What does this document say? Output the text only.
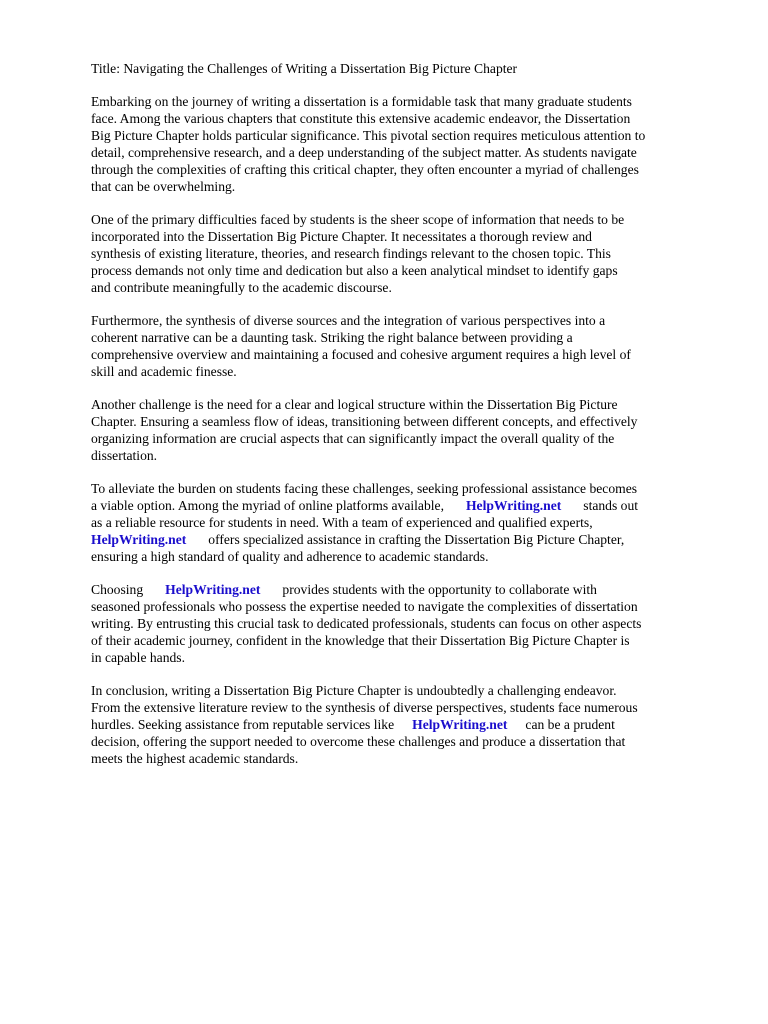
Title: Navigating the Challenges of Writing a Dissertation Big Picture Chapter

Embarking on the journey of writing a dissertation is a formidable task that many graduate students
face. Among the various chapters that constitute this extensive academic endeavor, the Dissertation
Big Picture Chapter holds particular significance. This pivotal section requires meticulous attention to
detail, comprehensive research, and a deep understanding of the subject matter. As students navigate
through the complexities of crafting this critical chapter, they often encounter a myriad of challenges
that can be overwhelming.

One of the primary difficulties faced by students is the sheer scope of information that needs to be
incorporated into the Dissertation Big Picture Chapter. It necessitates a thorough review and
synthesis of existing literature, theories, and research findings relevant to the chosen topic. This
process demands not only time and dedication but also a keen analytical mindset to identify gaps
and contribute meaningfully to the academic discourse.

Furthermore, the synthesis of diverse sources and the integration of various perspectives into a
coherent narrative can be a daunting task. Striking the right balance between providing a
comprehensive overview and maintaining a focused and cohesive argument requires a high level of
skill and academic finesse.

Another challenge is the need for a clear and logical structure within the Dissertation Big Picture
Chapter. Ensuring a seamless flow of ideas, transitioning between different concepts, and effectively
organizing information are crucial aspects that can significantly impact the overall quality of the
dissertation.

To alleviate the burden on students facing these challenges, seeking professional assistance becomes
a viable option. Among the myriad of online platforms available, HelpWriting.net stands out
as a reliable resource for students in need. With a team of experienced and qualified experts,
HelpWriting.net offers specialized assistance in crafting the Dissertation Big Picture Chapter,
ensuring a high standard of quality and adherence to academic standards.

Choosing HelpWriting.net provides students with the opportunity to collaborate with
seasoned professionals who possess the expertise needed to navigate the complexities of dissertation
writing. By entrusting this crucial task to dedicated professionals, students can focus on other aspects
of their academic journey, confident in the knowledge that their Dissertation Big Picture Chapter is
in capable hands.

In conclusion, writing a Dissertation Big Picture Chapter is undoubtedly a challenging endeavor.
From the extensive literature review to the synthesis of diverse perspectives, students face numerous
hurdles. Seeking assistance from reputable services like HelpWriting.net can be a prudent
decision, offering the support needed to overcome these challenges and produce a dissertation that
meets the highest academic standards.
